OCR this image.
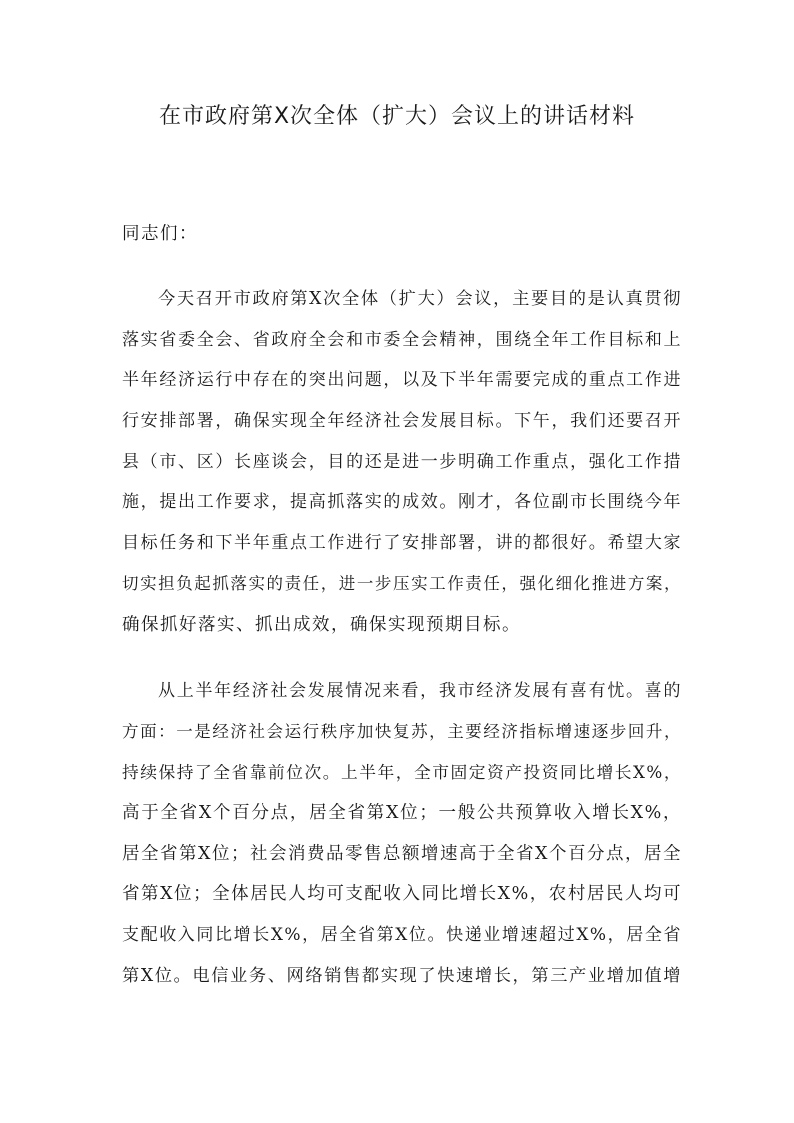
在市政府第X次全体（扩大）会议上的讲话材料

同志们：

今天召开市政府第X次全体（扩大）会议，主要目的是认真贯彻
落实省委全会、省政府全会和市委全会精神，围绕全年工作目标和上
半年经济运行中存在的突出问题，以及下半年需要完成的重点工作进
行安排部署，确保实现全年经济社会发展目标。下午，我们还要召开
县（市、区）长座谈会，目的还是进一步明确工作重点，强化工作措
施，提出工作要求，提高抓落实的成效。刚才，各位副市长围绕今年
目标任务和下半年重点工作进行了安排部署，讲的都很好。希望大家
切实担负起抓落实的责任，进一步压实工作责任，强化细化推进方案，
确保抓好落实、抓出成效，确保实现预期目标。
从上半年经济社会发展情况来看，我市经济发展有喜有忧。喜的
方面：一是经济社会运行秩序加快复苏，主要经济指标增速逐步回升，
持续保持了全省靠前位次。上半年，全市固定资产投资同比增长X%，
高于全省X个百分点，居全省第X位；一般公共预算收入增长X%，
居全省第X位；社会消费品零售总额增速高于全省X个百分点，居全
省第X位；全体居民人均可支配收入同比增长X%，农村居民人均可
支配收入同比增长X%，居全省第X位。快递业增速超过X%，居全省
第X位。电信业务、网络销售都实现了快速增长，第三产业增加值增
